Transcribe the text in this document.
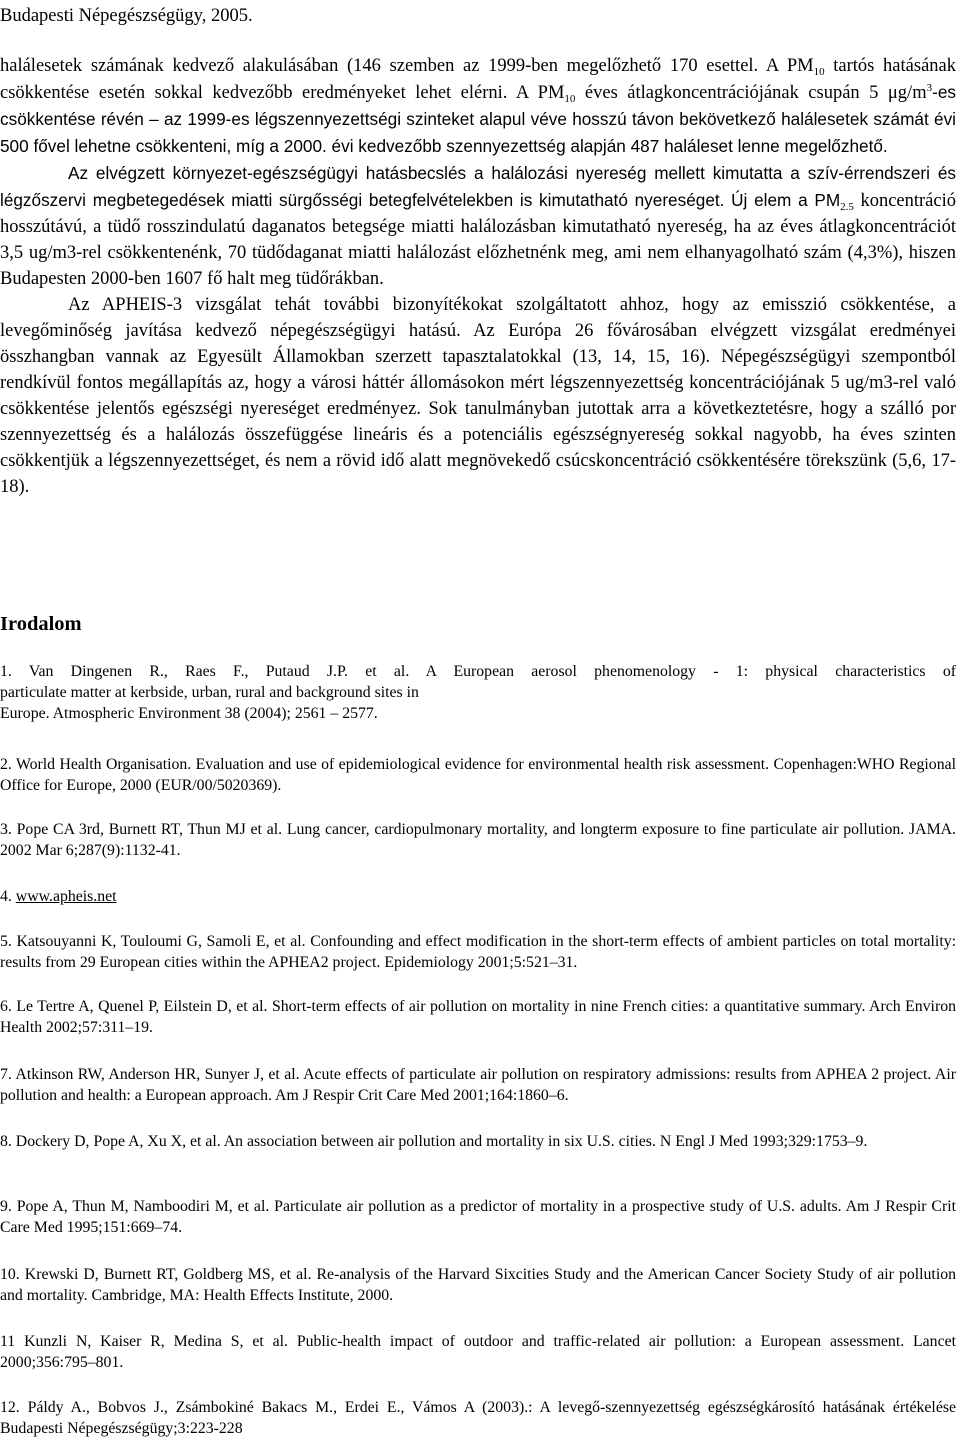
Budapesti Népegészségügy, 2005.

halálesetek számának kedvező alakulásában (146 szemben az 1999-ben megelőzhető 170 esettel. A $PM_{10}$ tartós hatásának csökkentése esetén sokkal kedvezőbb eredményeket lehet elérni. A $PM_{10}$ éves átlagkoncentrációjának csupán 5 $\mu g/m^3-es$ csökkentése révén – az 1999-es légszennyezettségi szinteket alapul véve hosszú távon bekövetkező halálesetek számát évi 500 fővel lehetne csökkenteni, míg a 2000. évi kedvezőbb szennyezettség alapján 487 haláleset lenne megelőzhető.

Az elvégzett környezet-egészségügyi hatásbecslés a halálozási nyereség mellett kimutatta a szív-érrendszeri és légzőszervi megbetegedések miatti sürgősségi betegfelvételekben is kimutatható nyereséget. Új elem a $PM_{2.5}$ koncentráció hosszútávú, a tüdő rosszindulatú daganatos betegsége miatti halálozásban kimutatható nyereség, ha az éves átlagkoncentrációt 3,5 ug/m3-rel csökkentenénk, 70 tüdődaganat miatti halálozást előzhetnénk meg, ami nem elhanyagolható szám (4,3%), hiszen Budapesten 2000-ben 1607 fő halt meg tüdőrákban.

Az APHEIS-3 vizsgálat tehát további bizonyítékokat szolgáltatott ahhoz, hogy az emisszió csökkentése, a levegőminőség javítása kedvező népegészségügyi hatású. Az Európa 26 fővárosában elvégzett vizsgálat eredményei összhangban vannak az Egyesült Államokban szerzett tapasztalatokkal (13, 14, 15, 16). Népegészségügyi szempontból rendkívül fontos megállapítás az, hogy a városi háttér állomásokon mért légszennyezettség koncentrációjának 5 ug/m3-rel való csökkentése jelentős egészségi nyereséget eredményez. Sok tanulmányban jutottak arra a következtetésre, hogy a szálló por szennyezettség és a halálozás összefüggése lineáris és a potenciális egészségnyereség sokkal nagyobb, ha éves szinten csökkentjük a légszennyezettséget, és nem a rövid idő alatt megnövekedő csúcskoncentráció csökkentésére törekszünk (5,6, 17-18).

Irodalom
1. Van Dingenen R., Raes F., Putaud J.P. et al. A European aerosol phenomenology - 1: physical characteristics of
particulate matter at kerbside, urban, rural and background sites in
Europe. Atmospheric Environment 38 (2004); 2561 – 2577.
2. World Health Organisation. Evaluation and use of epidemiological evidence for environmental health risk assessment. Copenhagen:WHO Regional Office for Europe, 2000 (EUR/00/5020369).
3. Pope CA 3rd, Burnett RT, Thun MJ et al. Lung cancer, cardiopulmonary mortality, and longterm exposure to fine particulate air pollution. JAMA. 2002 Mar 6;287(9):1132-41.
4. www.apheis.net
5. Katsouyanni K, Touloumi G, Samoli E, et al. Confounding and effect modification in the short-term effects of ambient particles on total mortality: results from 29 European cities within the APHEA2 project. Epidemiology 2001;5:521–31.
6. Le Tertre A, Quenel P, Eilstein D, et al. Short-term effects of air pollution on mortality in nine French cities: a quantitative summary. Arch Environ Health 2002;57:311–19.
7. Atkinson RW, Anderson HR, Sunyer J, et al. Acute effects of particulate air pollution on respiratory admissions: results from APHEA 2 project. Air pollution and health: a European approach. Am J Respir Crit Care Med 2001;164:1860–6.
8. Dockery D, Pope A, Xu X, et al. An association between air pollution and mortality in six U.S. cities. N Engl J Med 1993;329:1753–9.
9. Pope A, Thun M, Namboodiri M, et al. Particulate air pollution as a predictor of mortality in a prospective study of U.S. adults. Am J Respir Crit Care Med 1995;151:669–74.
10. Krewski D, Burnett RT, Goldberg MS, et al. Re-analysis of the Harvard Sixcities Study and the American Cancer Society Study of air pollution and mortality. Cambridge, MA: Health Effects Institute, 2000.
11 Kunzli N, Kaiser R, Medina S, et al. Public-health impact of outdoor and traffic-related air pollution: a European assessment. Lancet 2000;356:795–801.
12. Páldy A., Bobvos J., Zsámbokiné Bakacs M., Erdei E., Vámos A (2003).: A levegő-szennyezettség egészségkárosító hatásának értékelése Budapesti Népegészségügy;3:223-228
